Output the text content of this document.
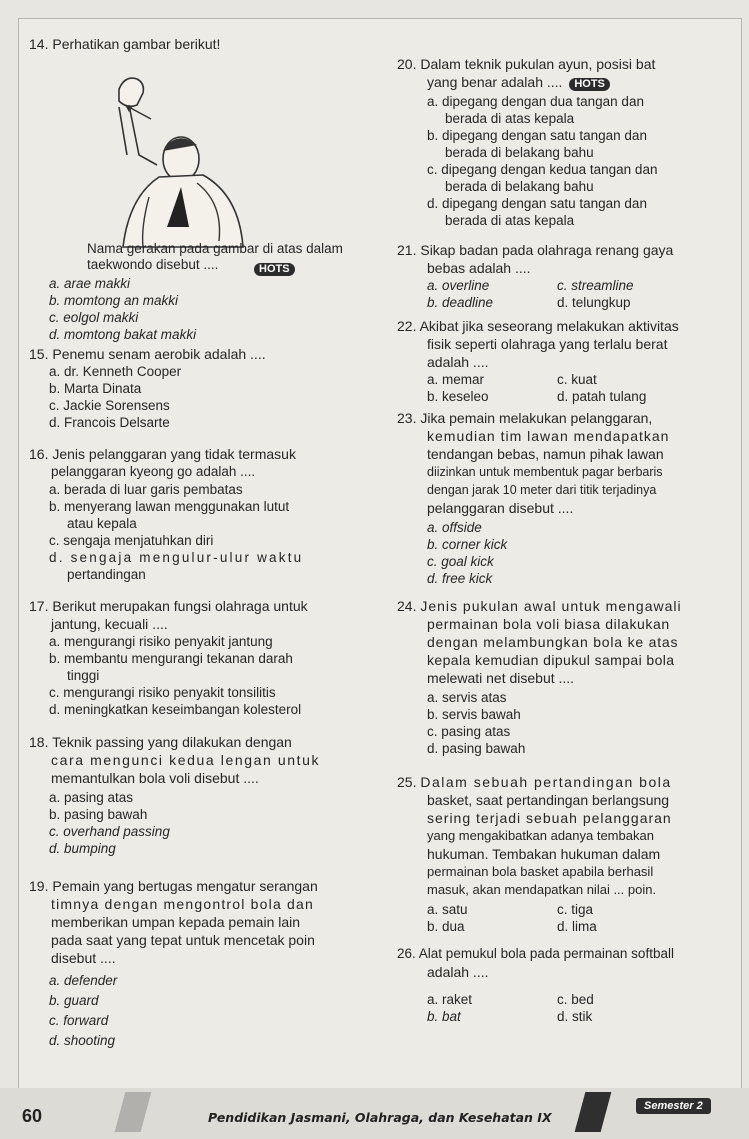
14. Perhatikan gambar berikut!
Nama gerakan pada gambar di atas dalam taekwondo disebut ....	HOTS
a. arae makki
b. momtong an makki
c. eolgol makki
d. momtong bakat makki
15. Penemu senam aerobik adalah ....
a. dr. Kenneth Cooper
b. Marta Dinata
c. Jackie Sorensens
d. Francois Delsarte
16. Jenis pelanggaran yang tidak termasuk
pelanggaran kyeong go adalah ....
a. berada di luar garis pembatas
b. menyerang lawan menggunakan lutut
atau kepala
c. sengaja menjatuhkan diri
d. sengaja mengulur-ulur waktu
pertandingan
17. Berikut merupakan fungsi olahraga untuk
jantung, kecuali ....
a. mengurangi risiko penyakit jantung
b. membantu mengurangi tekanan darah
tinggi
c. mengurangi risiko penyakit tonsilitis
d. meningkatkan keseimbangan kolesterol
18. Teknik passing yang dilakukan dengan
cara mengunci kedua lengan untuk
memantulkan bola voli disebut ....
a. pasing atas
b. pasing bawah
c. overhand passing
d. bumping
19. Pemain yang bertugas mengatur serangan
timnya dengan mengontrol bola dan
memberikan umpan kepada pemain lain
pada saat yang tepat untuk mencetak poin
disebut ....
a. defender
b. guard
c. forward
d. shooting
20. Dalam teknik pukulan ayun, posisi bat
yang benar adalah .... HOTS
a. dipegang dengan dua tangan dan
berada di atas kepala
b. dipegang dengan satu tangan dan
berada di belakang bahu
c. dipegang dengan kedua tangan dan
berada di belakang bahu
d. dipegang dengan satu tangan dan
berada di atas kepala
21. Sikap badan pada olahraga renang gaya
bebas adalah ....
a. overline	c. streamline
b. deadline	d. telungkup
22. Akibat jika seseorang melakukan aktivitas
fisik seperti olahraga yang terlalu berat
adalah ....
a. memar	c. kuat
b. keseleo	d. patah tulang
23. Jika pemain melakukan pelanggaran,
kemudian tim lawan mendapatkan
tendangan bebas, namun pihak lawan
diizinkan untuk membentuk pagar berbaris
dengan jarak 10 meter dari titik terjadinya
pelanggaran disebut ....
a. offside
b. corner kick
c. goal kick
d. free kick
24. Jenis pukulan awal untuk mengawali
permainan bola voli biasa dilakukan
dengan melambungkan bola ke atas
kepala kemudian dipukul sampai bola
melewati net disebut ....
a. servis atas
b. servis bawah
c. pasing atas
d. pasing bawah
25. Dalam sebuah pertandingan bola
basket, saat pertandingan berlangsung
sering terjadi sebuah pelanggaran
yang mengakibatkan adanya tembakan
hukuman. Tembakan hukuman dalam
permainan bola basket apabila berhasil
masuk, akan mendapatkan nilai ... poin.
a. satu	c. tiga
b. dua	d. lima
26. Alat pemukul bola pada permainan softball
adalah ....
a. raket	c. bed
b. bat	d. stik
60	Pendidikan Jasmani, Olahraga, dan Kesehatan IX
Semester 2
